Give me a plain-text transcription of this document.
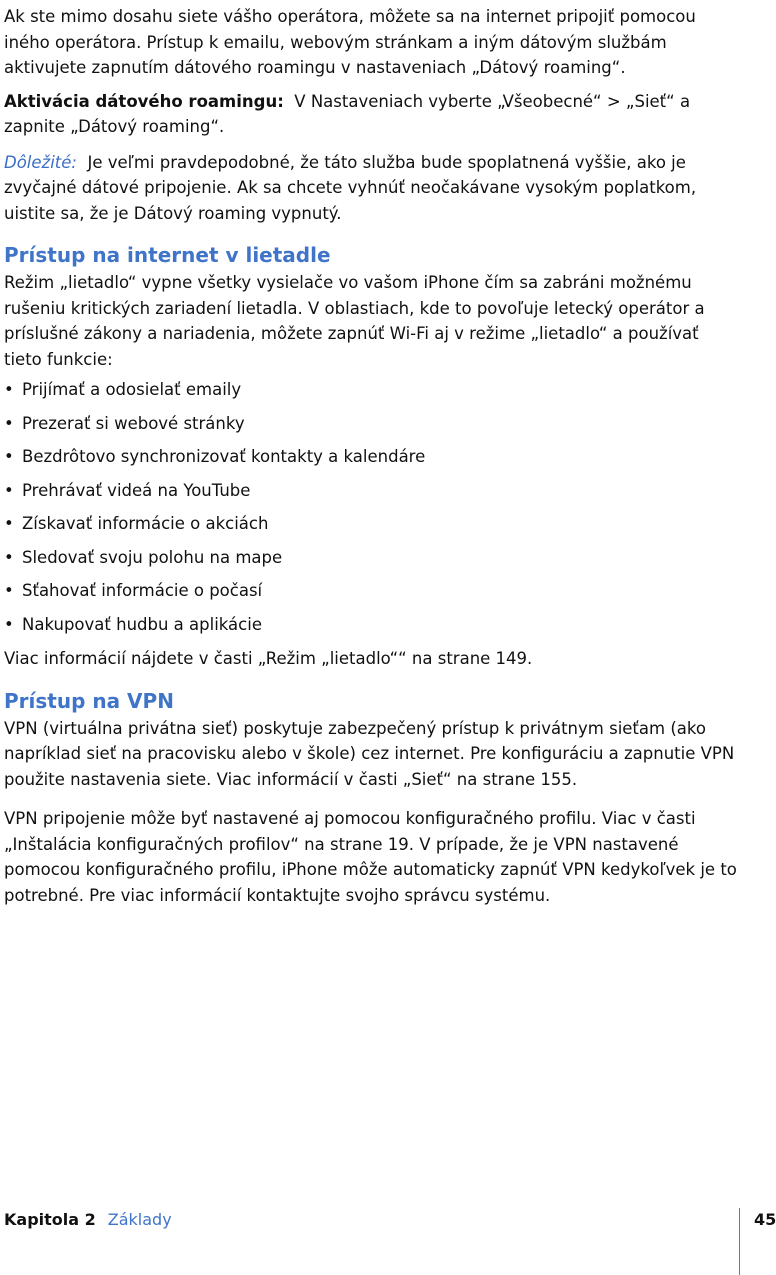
Ak ste mimo dosahu siete vášho operátora, môžete sa na internet pripojiť pomocou iného operátora. Prístup k emailu, webovým stránkam a iným dátovým službám aktivujete zapnutím dátového roamingu v nastaveniach „Dátový roaming“.

Aktivácia dátového roamingu: V Nastaveniach vyberte „Všeobecné“ > „Sieť“ a zapnite „Dátový roaming“.

Dôležité: Je veľmi pravdepodobné, že táto služba bude spoplatnená vyššie, ako je zvyčajné dátové pripojenie. Ak sa chcete vyhnúť neočakávane vysokým poplatkom, uistite sa, že je Dátový roaming vypnutý.

Prístup na internet v lietadle

Režim „lietadlo“ vypne všetky vysielače vo vašom iPhone čím sa zabráni možnému rušeniu kritických zariadení lietadla. V oblastiach, kde to povoľuje letecký operátor a príslušné zákony a nariadenia, môžete zapnúť Wi-Fi aj v režime „lietadlo“ a používať tieto funkcie:

• Prijímať a odosielať emaily
• Prezerať si webové stránky
• Bezdrôtovo synchronizovať kontakty a kalendáre
• Prehrávať videá na YouTube
• Získavať informácie o akciách
• Sledovať svoju polohu na mape
• Sťahovať informácie o počasí
• Nakupovať hudbu a aplikácie

Viac informácií nájdete v časti „Režim „lietadlo““ na strane 149.

Prístup na VPN

VPN (virtuálna privátna sieť) poskytuje zabezpečený prístup k privátnym sieťam (ako napríklad sieť na pracovisku alebo v škole) cez internet. Pre konfiguráciu a zapnutie VPN použite nastavenia siete. Viac informácií v časti „Sieť“ na strane 155.

VPN pripojenie môže byť nastavené aj pomocou konfiguračného profilu. Viac v časti „Inštalácia konfiguračných profilov“ na strane 19. V prípade, že je VPN nastavené pomocou konfiguračného profilu, iPhone môže automaticky zapnúť VPN kedykoľvek je to potrebné. Pre viac informácií kontaktujte svojho správcu systému.

Kapitola 2 Základy	45
